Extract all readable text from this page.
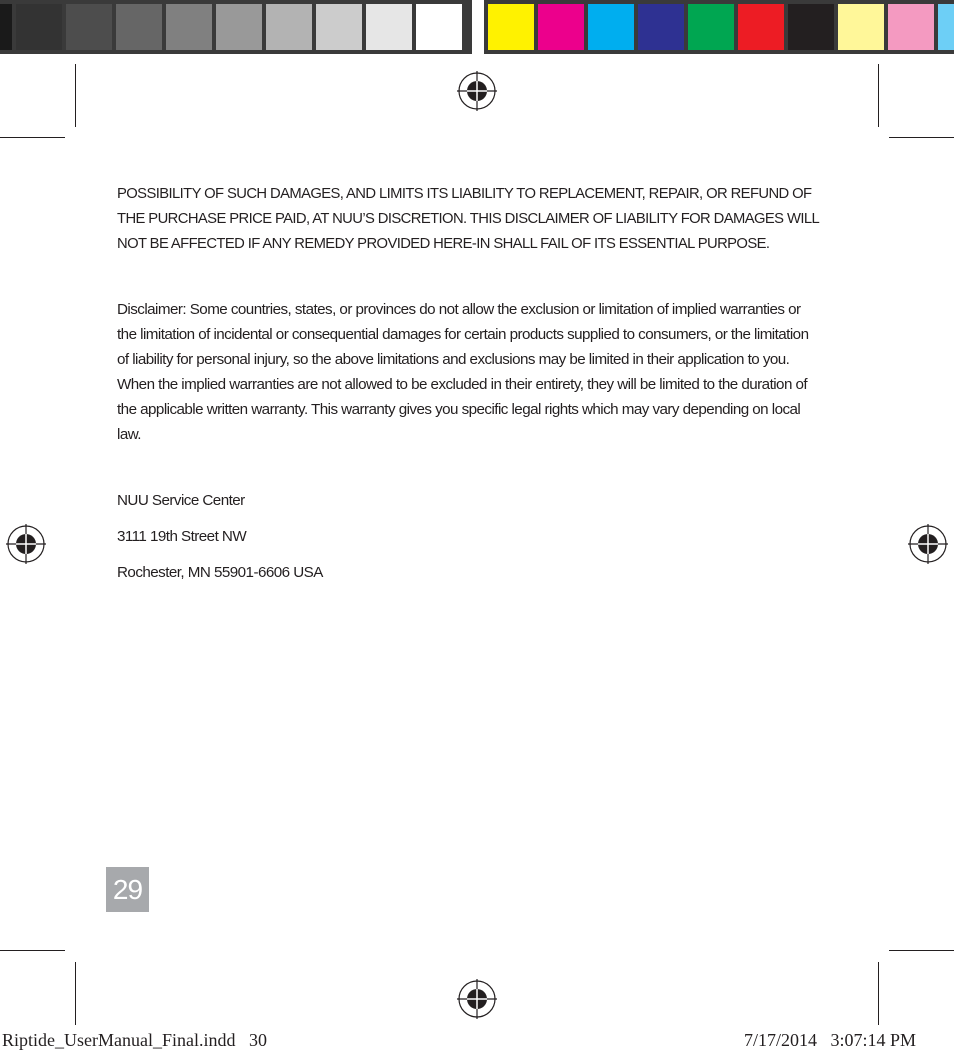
POSSIBILITY OF SUCH DAMAGES, AND LIMITS ITS LIABILITY TO REPLACEMENT, REPAIR, OR REFUND OF THE PURCHASE PRICE PAID, AT NUU’S DISCRETION. THIS DISCLAIMER OF LIABILITY FOR DAMAGES WILL NOT BE AFFECTED IF ANY REMEDY PROVIDED HERE-IN SHALL FAIL OF ITS ESSENTIAL PURPOSE.

Disclaimer: Some countries, states, or provinces do not allow the exclusion or limitation of implied warranties or the limitation of incidental or consequential damages for certain products supplied to consumers, or the limitation of liability for personal injury, so the above limitations and exclusions may be limited in their application to you. When the implied warranties are not allowed to be excluded in their entirety, they will be limited to the duration of the applicable written warranty. This warranty gives you specific legal rights which may vary depending on local law.

NUU Service Center

3111 19th Street NW

Rochester, MN 55901-6606 USA

29
Riptide_UserManual_Final.indd   30	7/17/2014   3:07:14 PM
